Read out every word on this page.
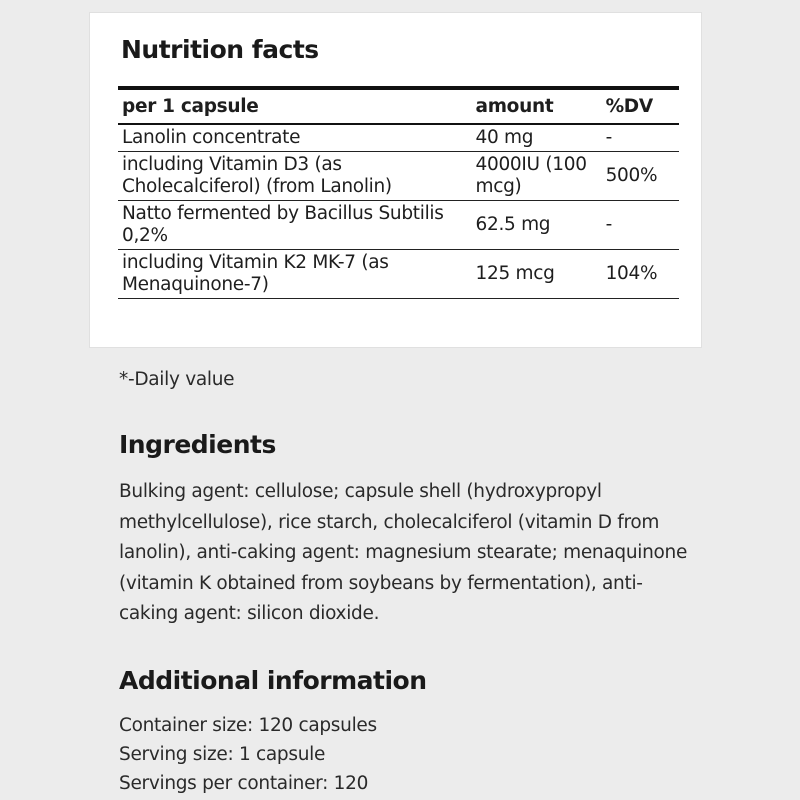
Nutrition facts
per 1 capsule	amount	%DV
Lanolin concentrate	40 mg	-
including Vitamin D3 (as Cholecalciferol) (from Lanolin)	4000IU (100 mcg)	500%
Natto fermented by Bacillus Subtilis 0,2%	62.5 mg	-
including Vitamin K2 MK-7 (as Menaquinone-7)	125 mcg	104%
*-Daily value
Ingredients
Bulking agent: cellulose; capsule shell (hydroxypropyl methylcellulose), rice starch, cholecalciferol (vitamin D from lanolin), anti-caking agent: magnesium stearate; menaquinone (vitamin K obtained from soybeans by fermentation), anti-caking agent: silicon dioxide.
Additional information
Container size: 120 capsules
Serving size: 1 capsule
Servings per container: 120
